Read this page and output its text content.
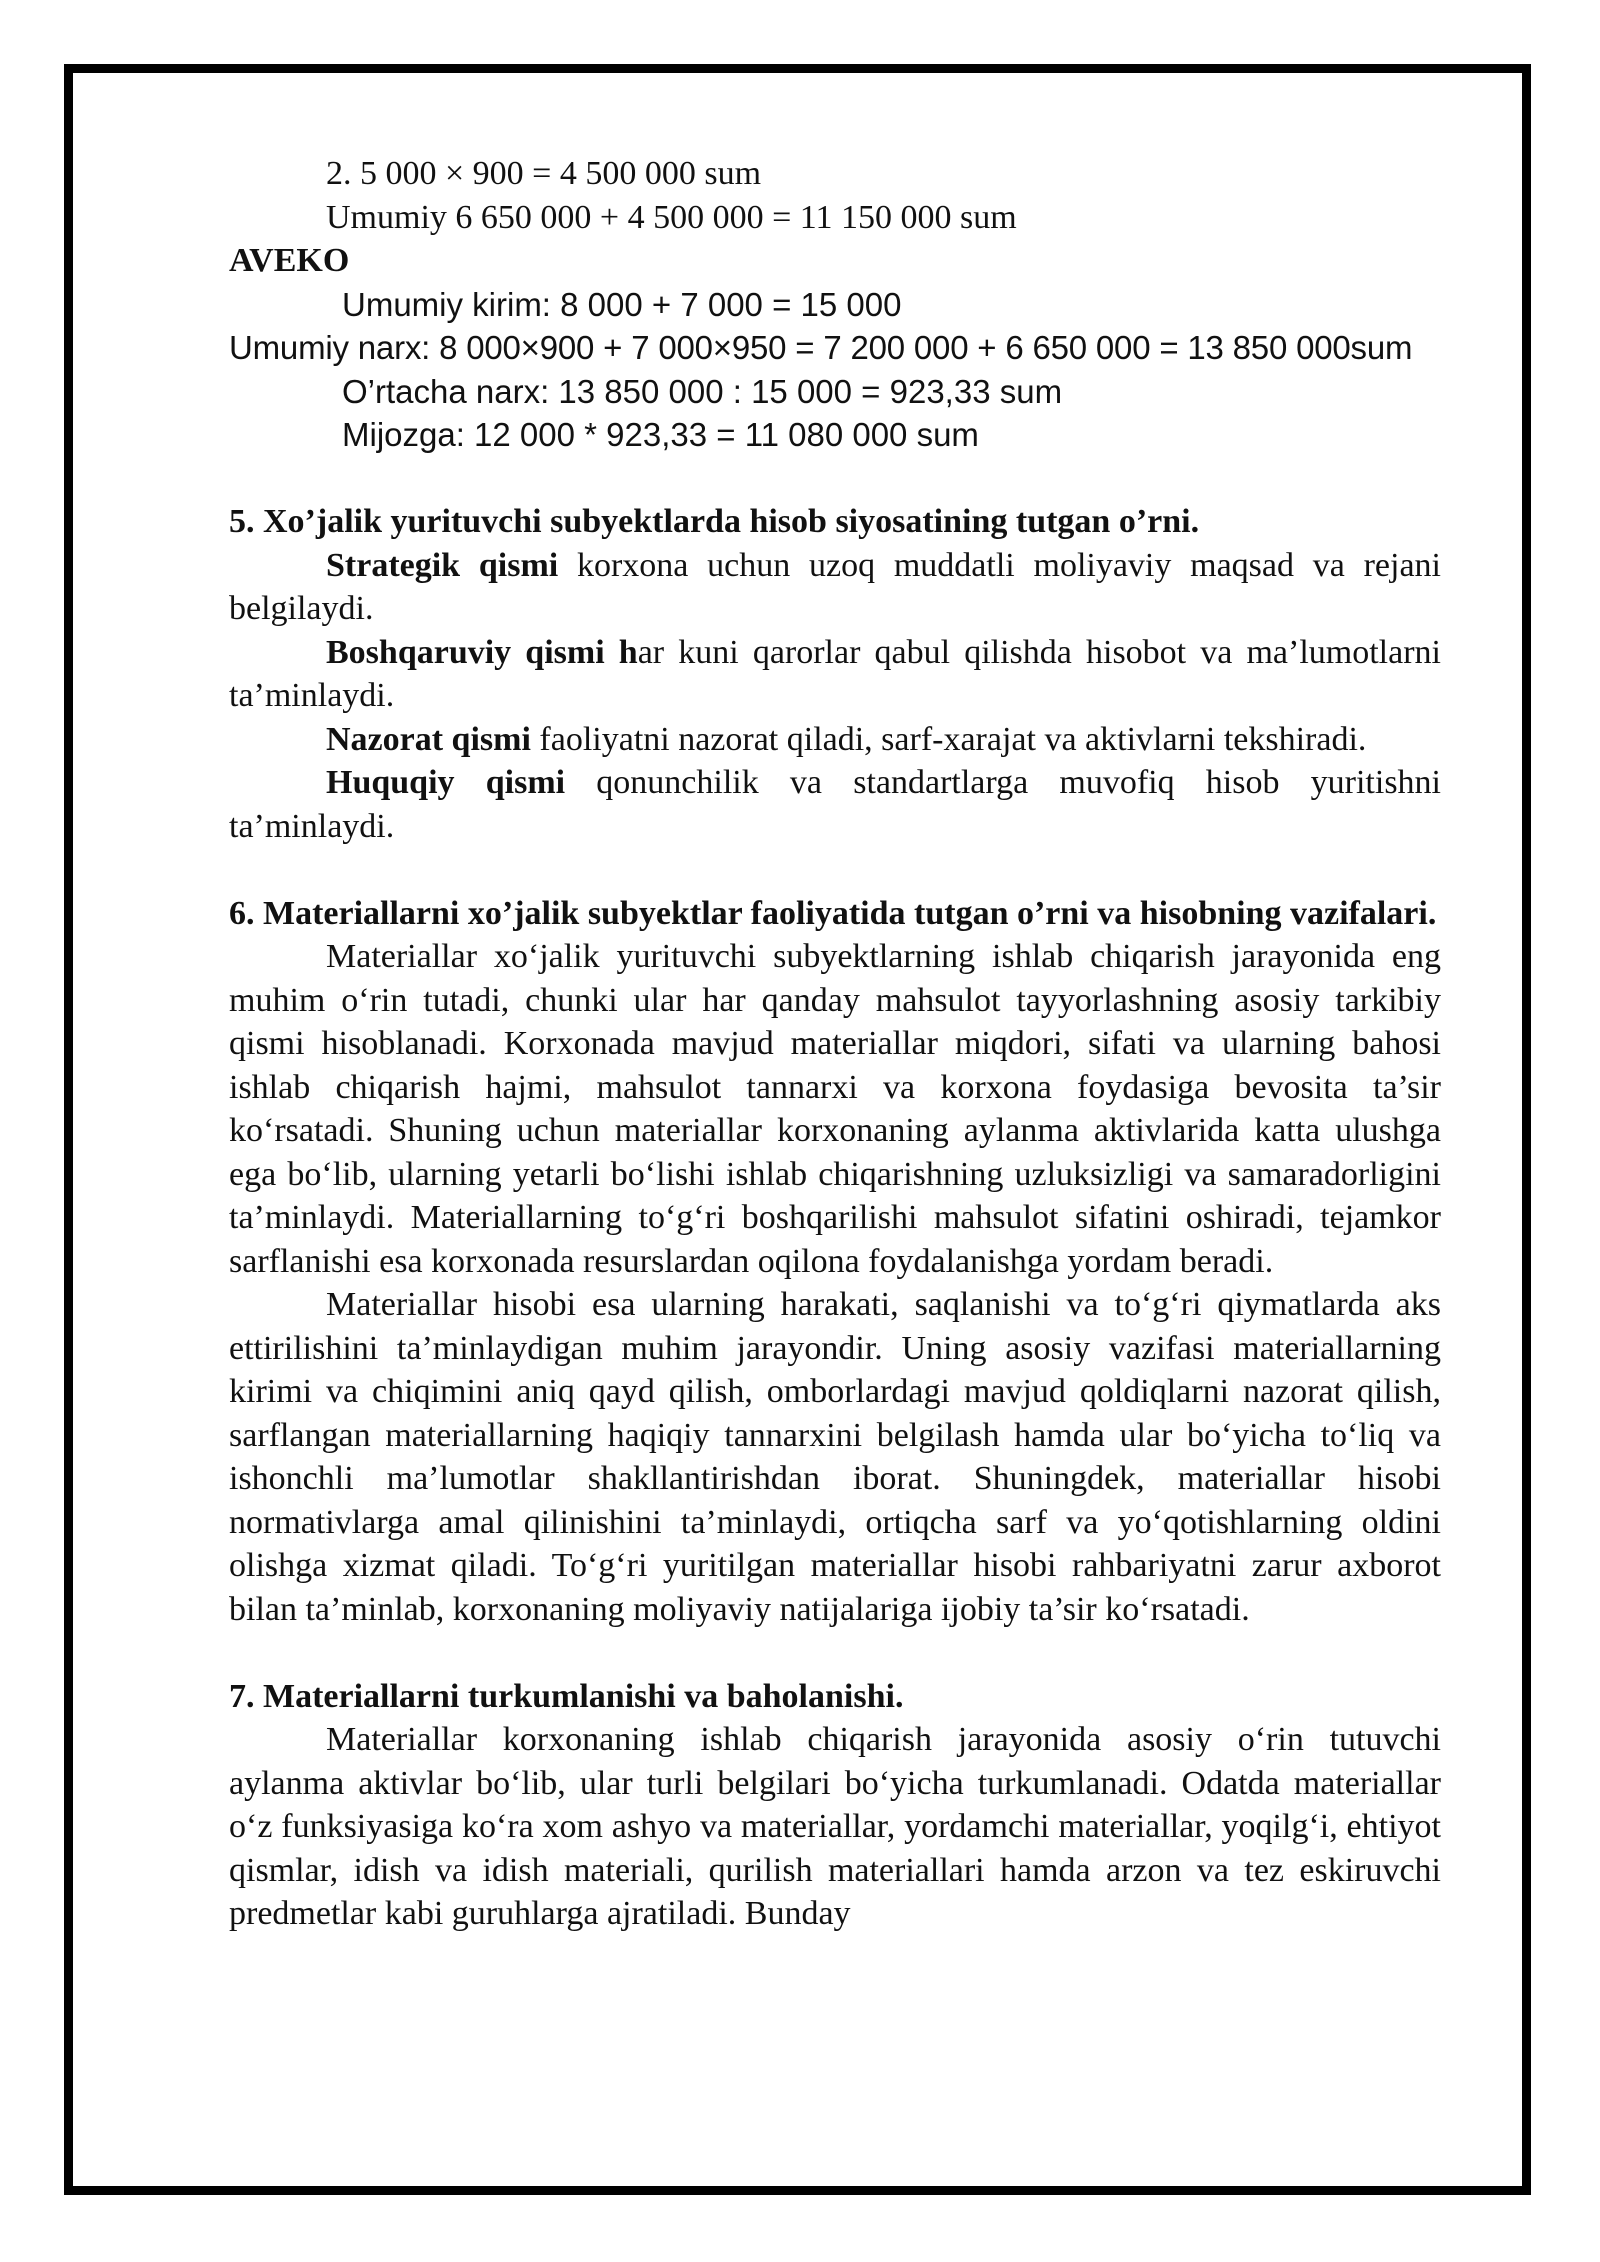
2. 5 000 × 900 = 4 500 000 sum

Umumiy 6 650 000 + 4 500 000 = 11 150 000 sum

AVEKO

Umumiy kirim: 8 000 + 7 000 = 15 000

Umumiy narx: 8 000×900 + 7 000×950 = 7 200 000 + 6 650 000 = 13 850 000sum

O’rtacha narx: 13 850 000 : 15 000 = 923,33 sum

Mijozga: 12 000 * 923,33 = 11 080 000 sum

5. Xo’jalik yurituvchi subyektlarda hisob siyosatining tutgan o’rni.

Strategik qismi korxona uchun uzoq muddatli moliyaviy maqsad va rejani belgilaydi.

Boshqaruviy qismi har kuni qarorlar qabul qilishda hisobot va ma’lumotlarni ta’minlaydi.

Nazorat qismi faoliyatni nazorat qiladi, sarf-xarajat va aktivlarni tekshiradi.

Huquqiy qismi qonunchilik va standartlarga muvofiq hisob yuritishni ta’minlaydi.

6. Materiallarni xo’jalik subyektlar faoliyatida tutgan o’rni va hisobning vazifalari.

Materiallar xo‘jalik yurituvchi subyektlarning ishlab chiqarish jarayonida eng muhim o‘rin tutadi, chunki ular har qanday mahsulot tayyorlashning asosiy tarkibiy qismi hisoblanadi. Korxonada mavjud materiallar miqdori, sifati va ularning bahosi ishlab chiqarish hajmi, mahsulot tannarxi va korxona foydasiga bevosita ta’sir ko‘rsatadi. Shuning uchun materiallar korxonaning aylanma aktivlarida katta ulushga ega bo‘lib, ularning yetarli bo‘lishi ishlab chiqarishning uzluksizligi va samaradorligini ta’minlaydi. Materiallarning to‘g‘ri boshqarilishi mahsulot sifatini oshiradi, tejamkor sarflanishi esa korxonada resurslardan oqilona foydalanishga yordam beradi.

Materiallar hisobi esa ularning harakati, saqlanishi va to‘g‘ri qiymatlarda aks ettirilishini ta’minlaydigan muhim jarayondir. Uning asosiy vazifasi materiallarning kirimi va chiqimini aniq qayd qilish, omborlardagi mavjud qoldiqlarni nazorat qilish, sarflangan materiallarning haqiqiy tannarxini belgilash hamda ular bo‘yicha to‘liq va ishonchli ma’lumotlar shakllantirishdan iborat. Shuningdek, materiallar hisobi normativlarga amal qilinishini ta’minlaydi, ortiqcha sarf va yo‘qotishlarning oldini olishga xizmat qiladi. To‘g‘ri yuritilgan materiallar hisobi rahbariyatni zarur axborot bilan ta’minlab, korxonaning moliyaviy natijalariga ijobiy ta’sir ko‘rsatadi.

7. Materiallarni turkumlanishi va baholanishi.

Materiallar korxonaning ishlab chiqarish jarayonida asosiy o‘rin tutuvchi aylanma aktivlar bo‘lib, ular turli belgilari bo‘yicha turkumlanadi. Odatda materiallar o‘z funksiyasiga ko‘ra xom ashyo va materiallar, yordamchi materiallar, yoqilg‘i, ehtiyot qismlar, idish va idish materiali, qurilish materiallari hamda arzon va tez eskiruvchi predmetlar kabi guruhlarga ajratiladi. Bunday
